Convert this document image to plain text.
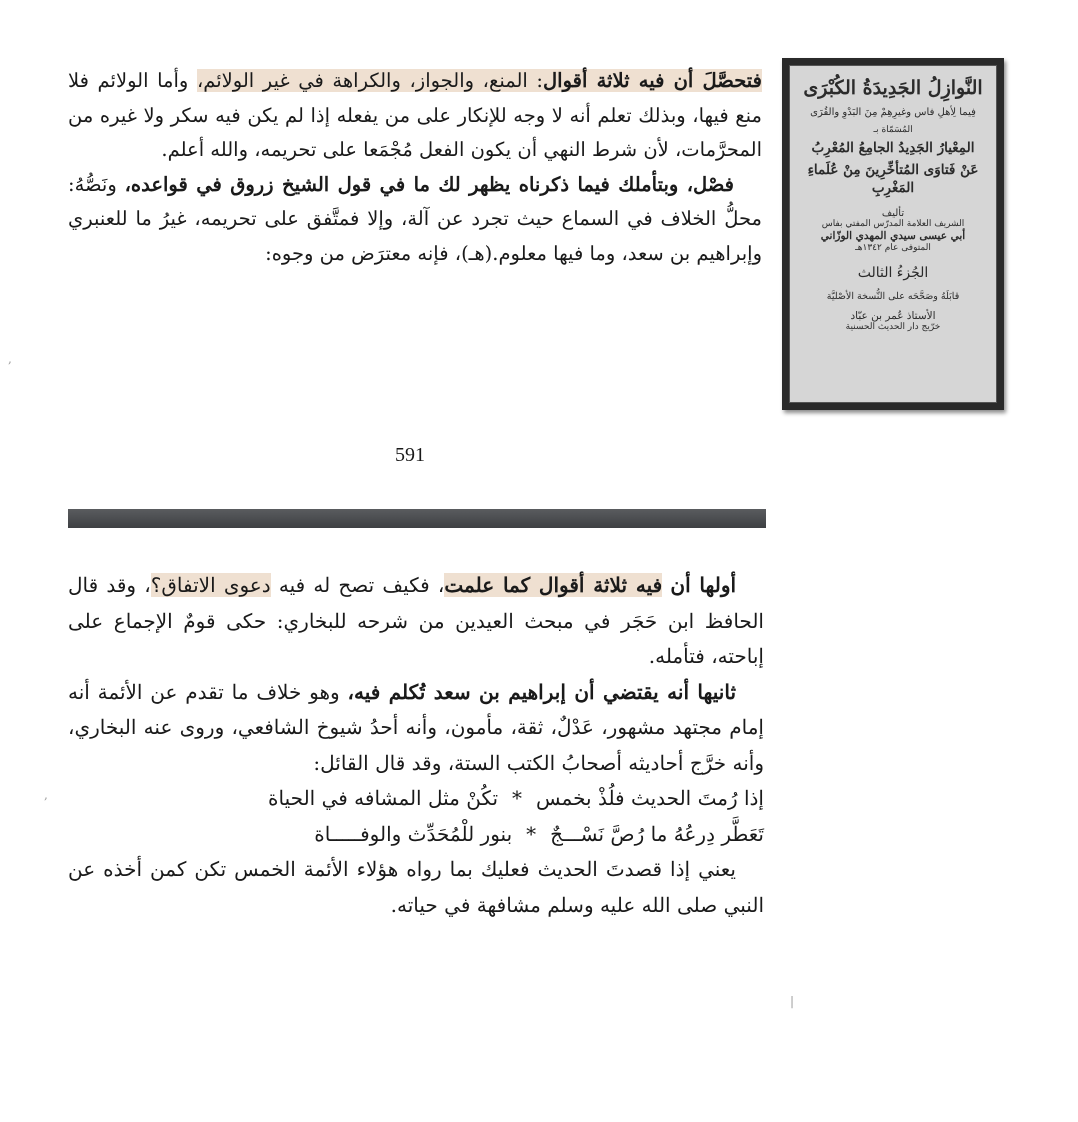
النَّوازِلُ الجَدِيدَةُ الكُبْرَى
فِيما لِأهلِ فاس وغيرِهِمْ مِنَ البَدْوِ والقُرَى
المُسَمّاة بـ
المِعْيارُ الجَدِيدُ الجامِعُ المُعْرِبُ
عَنْ فَتاوَى المُتأخِّرِينَ مِنْ عُلَماءِ المَغْرِبِ
تأليف
الشريف العلامة المدرّس المفتي بفاس
أبي عيسى سيدي المهدي الوزّاني
المتوفى عام ١٣٤٢هـ
الجُزءُ الثالث
قابَلَهُ وصَحَّحَه على النُّسخة الأصْليَّة
الأستاذ عُمر بن عبّاد
خرّيج دار الحديث الحسنية

فتحصَّلَ أن فيه ثلاثة أقوال: المنع، والجواز، والكراهة في غير الولائم، وأما الولائم فلا منع فيها، وبذلك تعلم أنه لا وجه للإنكار على من يفعله إذا لم يكن فيه سكر ولا غيره من المحرَّمات، لأن شرط النهي أن يكون الفعل مُجْمَعا على تحريمه، والله أعلم.

فصْل، وبتأملك فيما ذكرناه يظهر لك ما في قول الشيخ زروق في قواعده، ونَصُّهُ: محلُّ الخلاف في السماع حيث تجرد عن آلة، وإلا فمتَّفق على تحريمه، غيرُ ما للعنبري وإبراهيم بن سعد، وما فيها معلوم.(هـ)، فإنه معترَض من وجوه:

591

أولها أن فيه ثلاثة أقوال كما علمت، فكيف تصح له فيه دعوى الاتفاق؟، وقد قال الحافظ ابن حَجَر في مبحث العيدين من شرحه للبخاري: حكى قومٌ الإجماع على إباحته، فتأمله.

ثانيها أنه يقتضي أن إبراهيم بن سعد تُكلم فيه، وهو خلاف ما تقدم عن الأئمة أنه إمام مجتهد مشهور، عَدْلٌ، ثقة، مأمون، وأنه أحدُ شيوخ الشافعي، وروى عنه البخاري، وأنه خرَّج أحاديثه أصحابُ الكتب الستة، وقد قال القائل:

إذا رُمتَ الحديث فلُذْ بخمس*تكُنْ مثل المشافه في الحياة

تَعَطَّر دِرعُهُ ما رُصَّ نَسْـــجٌ*بنور للْمُحَدِّث والوفـــــاة

يعني إذا قصدتَ الحديث فعليك بما رواه هؤلاء الأئمة الخمس تكن كمن أخذه عن النبي صلى الله عليه وسلم مشافهة في حياته.

,
,
|
